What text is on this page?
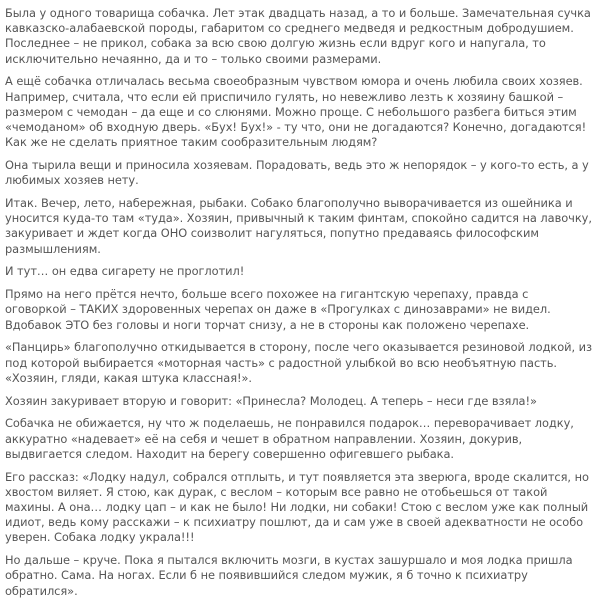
Была у одного товарища собачка. Лет этак двадцать назад, а то и больше. Замечательная сучка кавказско-алабаевской породы, габаритом со среднего медведя и редкостным добродушием. Последнее – не прикол, собака за всю свою долгую жизнь если вдруг кого и напугала, то исключительно нечаянно, да и то – только своими размерами.

А ещё собачка отличалась весьма своеобразным чувством юмора и очень любила своих хозяев. Например, считала, что если ей приспичило гулять, но невежливо лезть к хозяину башкой – размером с чемодан – да еще и со слюнями. Можно проще. С небольшого разбега биться этим «чемоданом» об входную дверь. «Бух! Бух!» - ту что, они не догадаются? Конечно, догадаются! Как же не сделать приятное таким сообразительным людям?

Она тырила вещи и приносила хозяевам. Порадовать, ведь это ж непорядок – у кого-то есть, а у любимых хозяев нету.

Итак. Вечер, лето, набережная, рыбаки. Собако благополучно выворачивается из ошейника и уносится куда-то там «туда». Хозяин, привычный к таким финтам, спокойно садится на лавочку, закуривает и ждет когда ОНО соизволит нагуляться, попутно предаваясь философским размышлениям.

И тут… он едва сигарету не проглотил!

Прямо на него прётся нечто, больше всего похожее на гигантскую черепаху, правда с оговоркой – ТАКИХ здоровенных черепах он даже в «Прогулках с динозаврами» не видел. Вдобавок ЭТО без головы и ноги торчат снизу, а не в стороны как положено черепахе.

«Панцирь» благополучно откидывается в сторону, после чего оказывается резиновой лодкой, из под которой выбирается «моторная часть» с радостной улыбкой во всю необъятную пасть. «Хозяин, гляди, какая штука классная!».

Хозяин закуривает вторую и говорит: «Принесла? Молодец. А теперь – неси где взяла!»

Собачка не обижается, ну что ж поделаешь, не понравился подарок… переворачивает лодку, аккуратно «надевает» её на себя и чешет в обратном направлении. Хозяин, докурив, выдвигается следом. Находит на берегу совершенно офигевшего рыбака.

Его рассказ: «Лодку надул, собрался отплыть, и тут появляется эта зверюга, вроде скалится, но хвостом виляет. Я стою, как дурак, с веслом – которым все равно не отобьешься от такой махины. А она… лодку цап – и как не было! Ни лодки, ни собаки! Стою с веслом уже как полный идиот, ведь кому расскажи – к психиатру пошлют, да и сам уже в своей адекватности не особо уверен. Собака лодку украла!!!

Но дальше – круче. Пока я пытался включить мозги, в кустах зашуршало и моя лодка пришла обратно. Сама. На ногах. Если б не появившийся следом мужик, я б точно к психиатру обратился».
